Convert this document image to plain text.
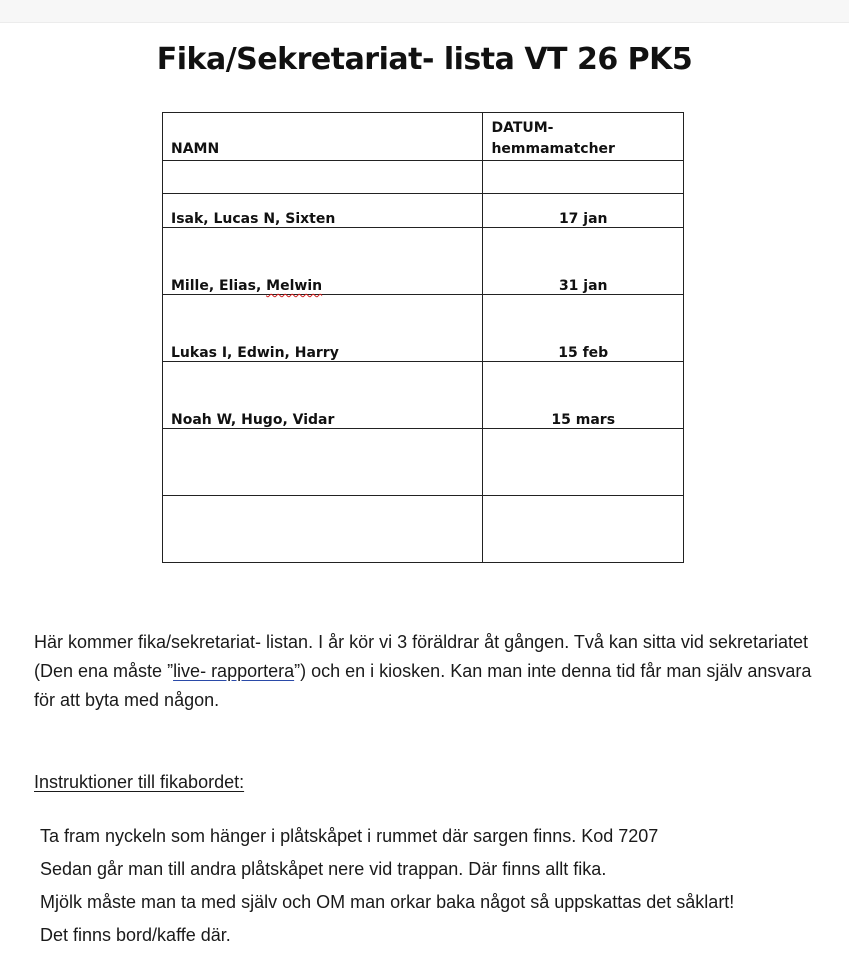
Fika/Sekretariat- lista VT 26 PK5
NAMN	DATUM-
hemmamatcher

Isak, Lucas N, Sixten	17 jan
Mille, Elias, Melwin	31 jan
Lukas I, Edwin, Harry	15 feb
Noah W, Hugo, Vidar	15 mars

Här kommer fika/sekretariat- listan. I år kör vi 3 föräldrar åt gången. Två kan sitta vid sekretariatet (Den ena måste ”live- rapportera”) och en i kiosken. Kan man inte denna tid får man själv ansvara för att byta med någon.
Instruktioner till fikabordet:
Ta fram nyckeln som hänger i plåtskåpet i rummet där sargen finns. Kod 7207
Sedan går man till andra plåtskåpet nere vid trappan. Där finns allt fika.
Mjölk måste man ta med själv och OM man orkar baka något så uppskattas det såklart!
Det finns bord/kaffe där.
